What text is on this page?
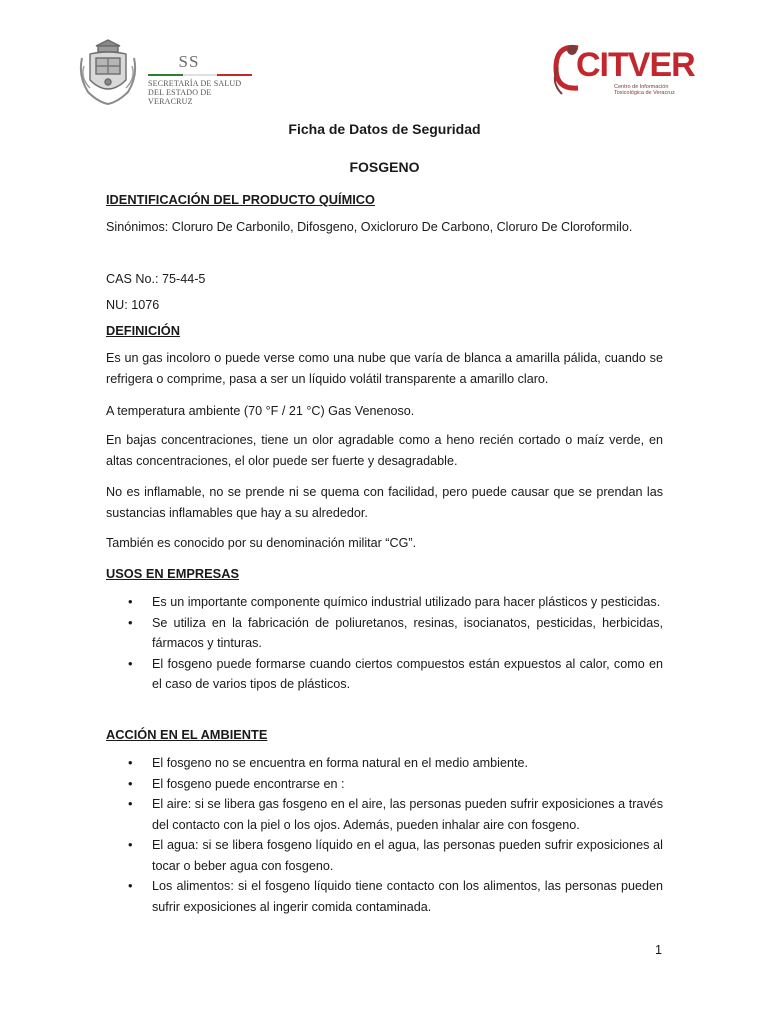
SS
SECRETARÍA DE SALUD
DEL ESTADO DE VERACRUZ
CITVER
Centro de Información
Toxicológica de Veracruz
Ficha de Datos de Seguridad
FOSGENO
IDENTIFICACIÓN DEL PRODUCTO QUÍMICO
Sinónimos: Cloruro De Carbonilo, Difosgeno, Oxicloruro De Carbono, Cloruro De Cloroformilo.
CAS No.: 75-44-5
NU: 1076
DEFINICIÓN
Es un gas incoloro o puede verse como una nube que varía de blanca a amarilla pálida, cuando se refrigera o comprime, pasa a ser un líquido volátil transparente a amarillo claro.
A temperatura ambiente (70 °F / 21 °C) Gas Venenoso.
En bajas concentraciones, tiene un olor agradable como a heno recién cortado o maíz verde, en altas concentraciones, el olor puede ser fuerte y desagradable.
No es inflamable, no se prende ni se quema con facilidad, pero puede causar que se prendan las sustancias inflamables que hay a su alrededor.
También es conocido por su denominación militar “CG”.
USOS EN EMPRESAS
• Es un importante componente químico industrial utilizado para hacer plásticos y pesticidas.
• Se utiliza en la fabricación de poliuretanos, resinas, isocianatos, pesticidas, herbicidas, fármacos y tinturas.
• El fosgeno puede formarse cuando ciertos compuestos están expuestos al calor, como en el caso de varios tipos de plásticos.
ACCIÓN EN EL AMBIENTE
• El fosgeno no se encuentra en forma natural en el medio ambiente.
• El fosgeno puede encontrarse en :
• El aire: si se libera gas fosgeno en el aire, las personas pueden sufrir exposiciones a través del contacto con la piel o los ojos. Además, pueden inhalar aire con fosgeno.
• El agua: si se libera fosgeno líquido en el agua, las personas pueden sufrir exposiciones al tocar o beber agua con fosgeno.
• Los alimentos: si el fosgeno líquido tiene contacto con los alimentos, las personas pueden sufrir exposiciones al ingerir comida contaminada.
1
